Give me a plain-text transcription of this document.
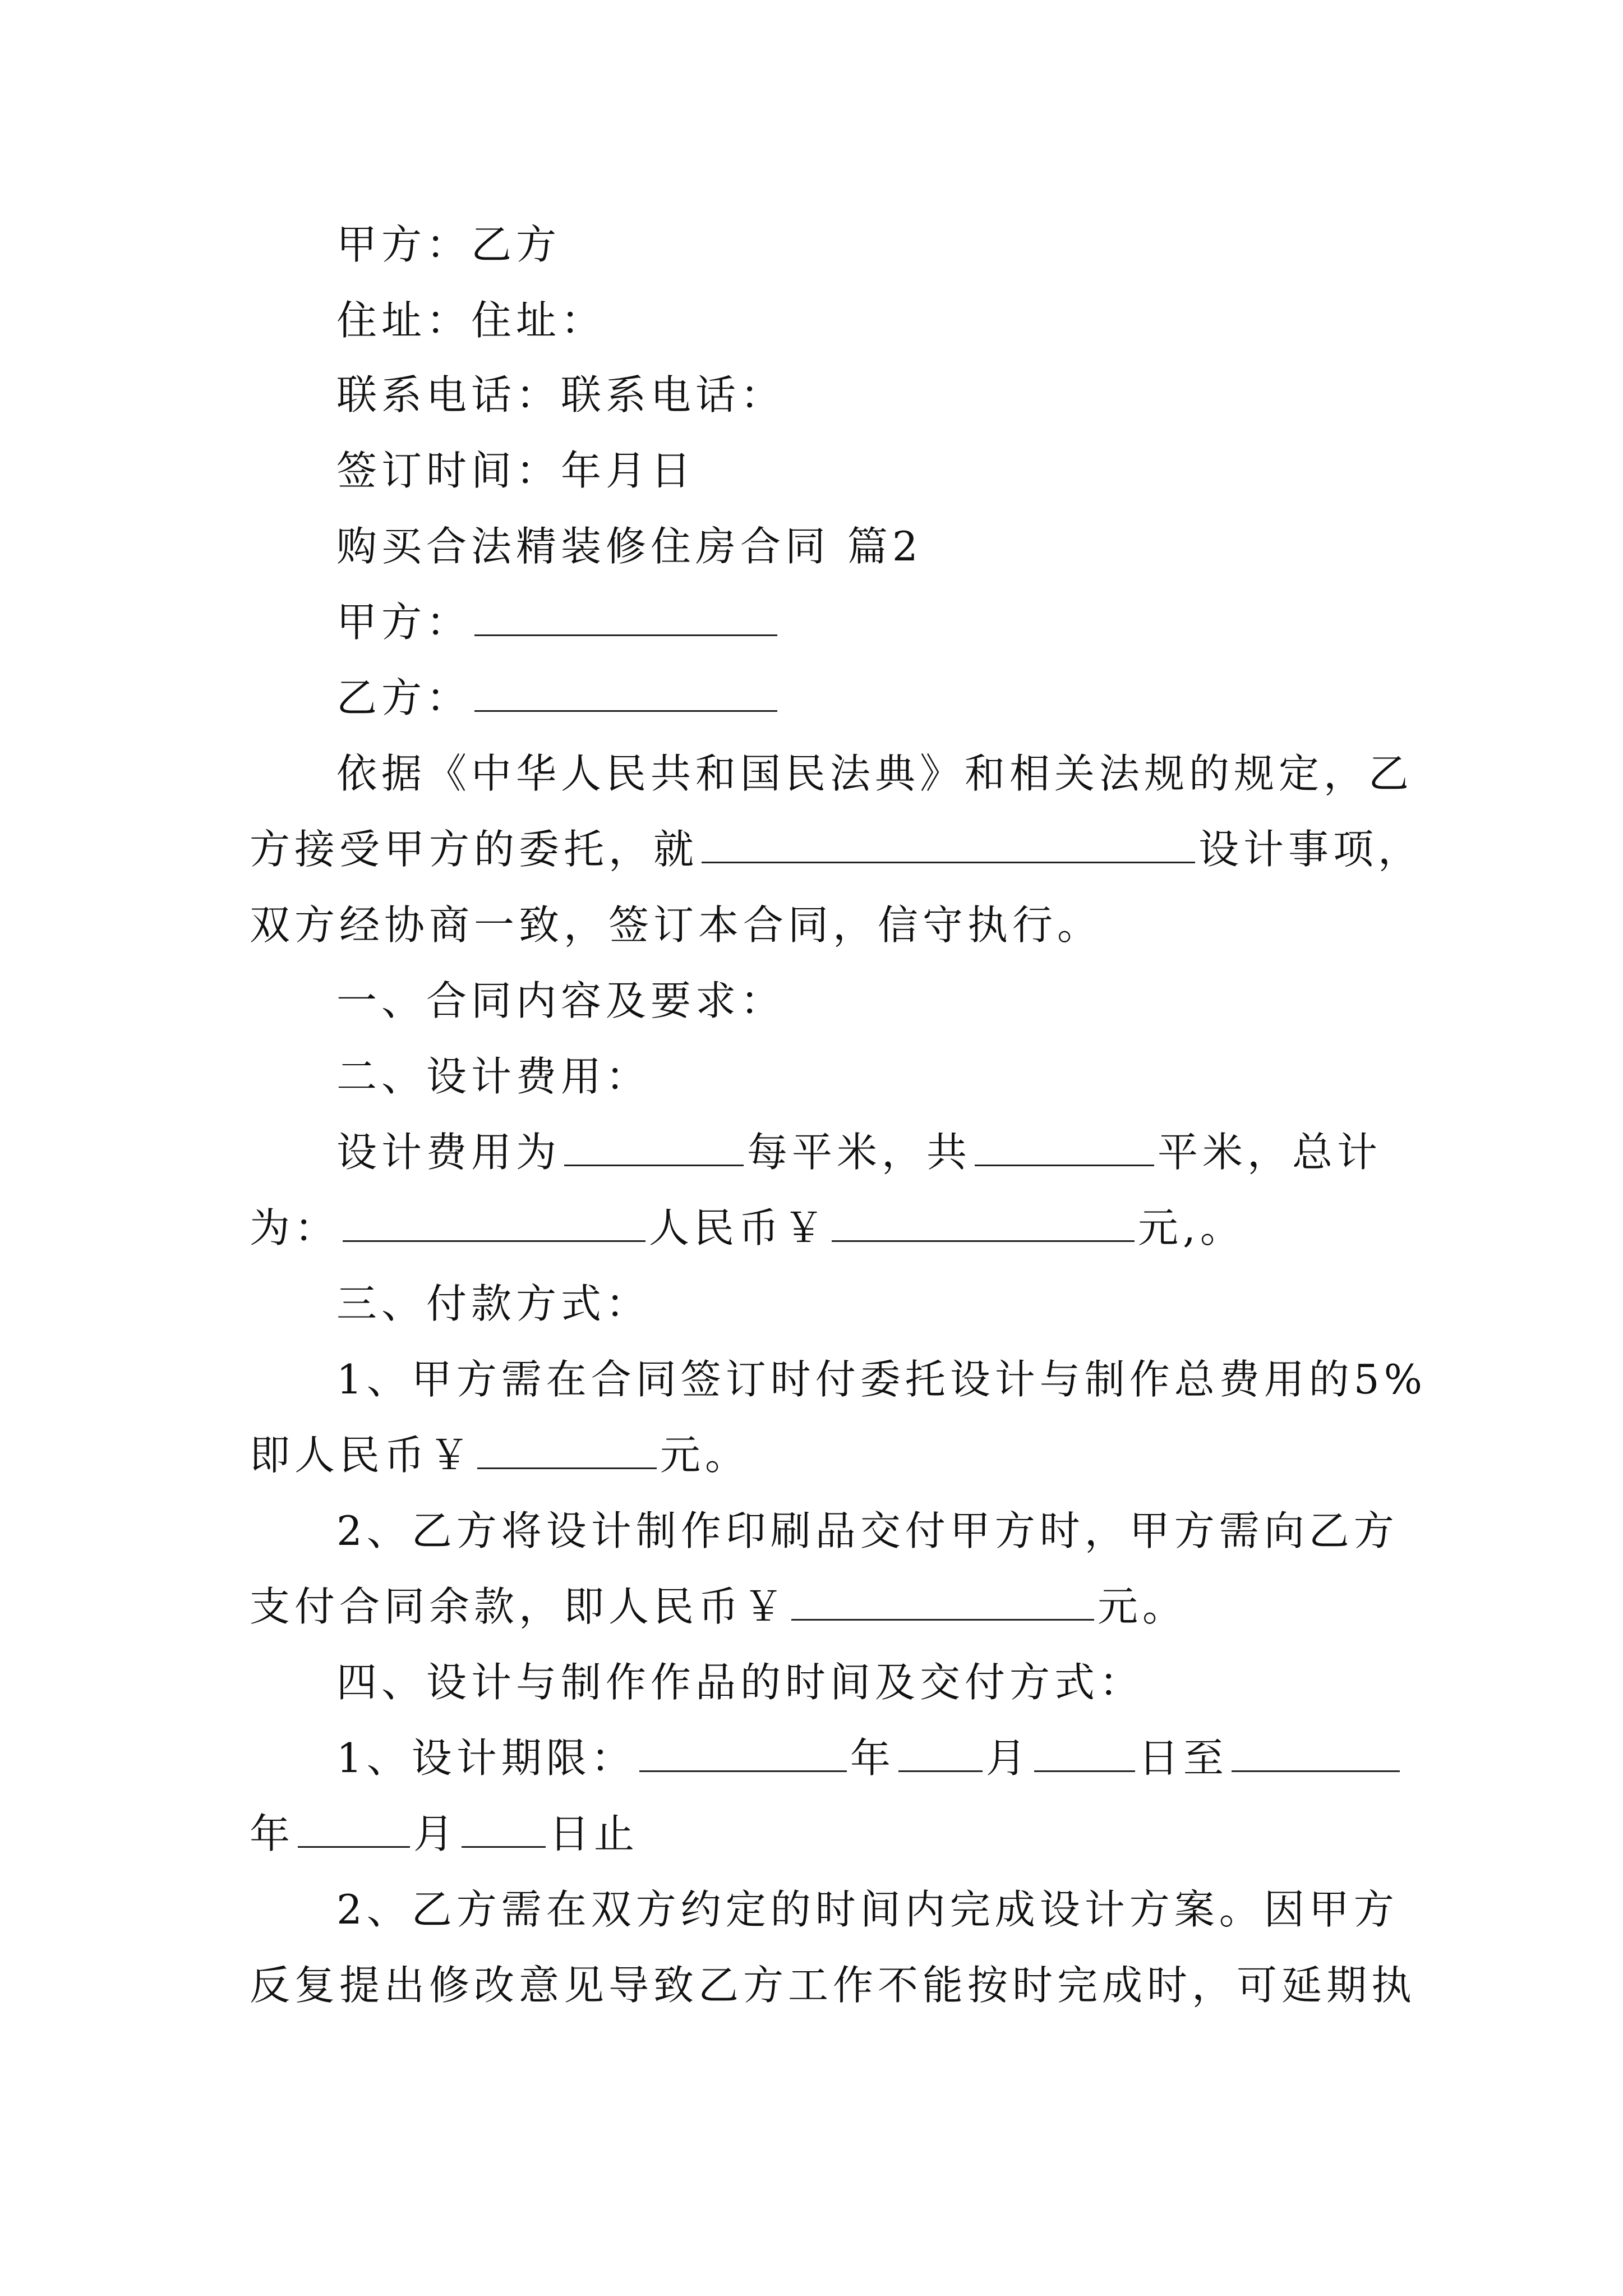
甲方：乙方
住址：住址：
联系电话：联系电话：
签订时间：年月日
购买合法精装修住房合同 篇2
甲方：
乙方：
依据《中华人民共和国民法典》和相关法规的规定，乙
方接受甲方的委托，就	设计事项，
双方经协商一致，签订本合同，信守执行。
一、合同内容及要求：
二、设计费用：
设计费用为	每平米，共	平米，总计
为：	人民币￥	元,。
三、付款方式：
1、甲方需在合同签订时付委托设计与制作总费用的5%
即人民币￥	元。
2、乙方将设计制作印刷品交付甲方时，甲方需向乙方
支付合同余款，即人民币￥	元。
四、设计与制作作品的时间及交付方式：
1、设计期限：	年 月	日至
年	月 日止
2、乙方需在双方约定的时间内完成设计方案。因甲方
反复提出修改意见导致乙方工作不能按时完成时，可延期执
